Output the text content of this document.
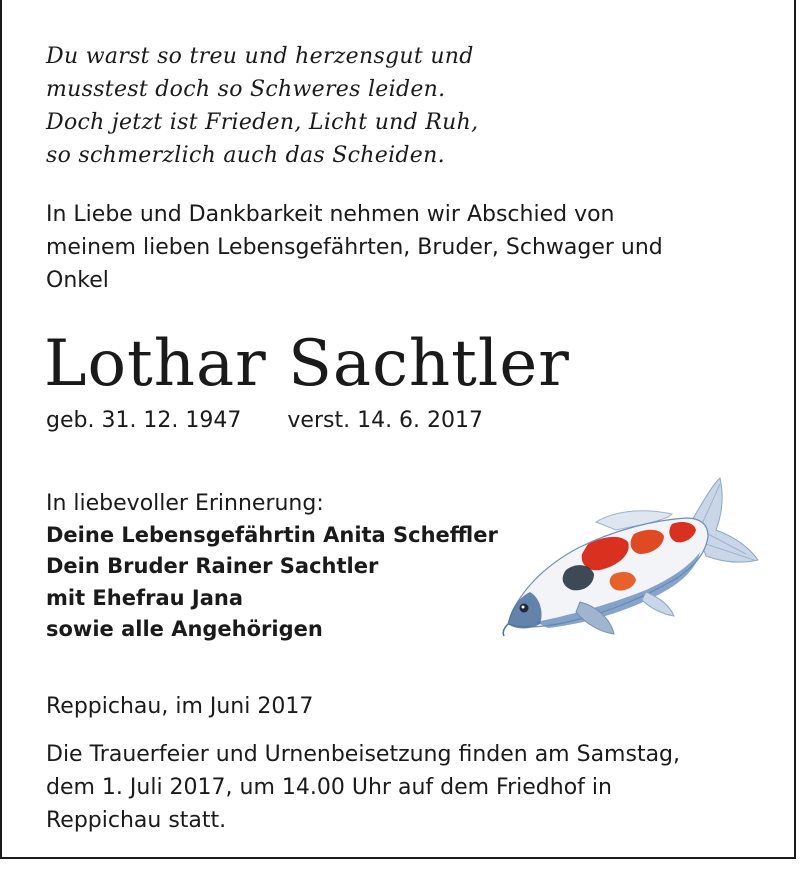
Du warst so treu und herzensgut und
musstest doch so Schweres leiden.
Doch jetzt ist Frieden, Licht und Ruh,
so schmerzlich auch das Scheiden.
In Liebe und Dankbarkeit nehmen wir Abschied von
meinem lieben Lebensgefährten, Bruder, Schwager und
Onkel
Lothar Sachtler
geb. 31. 12. 1947 verst. 14. 6. 2017
In liebevoller Erinnerung:
Deine Lebensgefährtin Anita Scheffler
Dein Bruder Rainer Sachtler
mit Ehefrau Jana
sowie alle Angehörigen
Reppichau, im Juni 2017
Die Trauerfeier und Urnenbeisetzung finden am Samstag,
dem 1. Juli 2017, um 14.00 Uhr auf dem Friedhof in
Reppichau statt.
